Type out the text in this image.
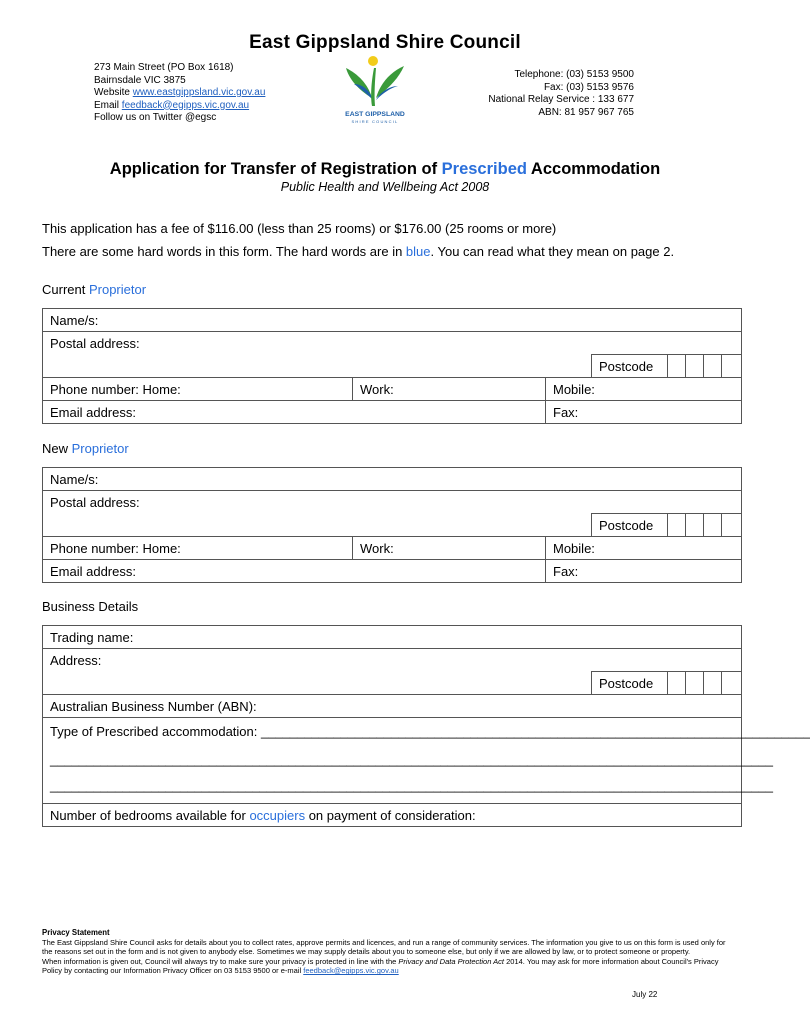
East Gippsland Shire Council
273 Main Street (PO Box 1618)
Bairnsdale VIC 3875
Website www.eastgippsland.vic.gov.au
Email feedback@egipps.vic.gov.au
Follow us on Twitter @egsc	EAST GIPPSLAND
SHIRE COUNCIL
Telephone: (03) 5153 9500
Fax: (03) 5153 9576
National Relay Service : 133 677
ABN: 81 957 967 765
Application for Transfer of Registration of Prescribed Accommodation
Public Health and Wellbeing Act 2008
This application has a fee of $116.00 (less than 25 rooms) or $176.00 (25 rooms or more)
There are some hard words in this form. The hard words are in blue. You can read what they mean on page 2.
Current Proprietor
Name/s:							
Postal address:							
			Postcode				
Phone number: Home:	Work:	Mobile:					
Email address:		Fax:					
New Proprietor
Name/s:							
Postal address:							
			Postcode				
Phone number: Home:	Work:	Mobile:					
Email address:		Fax:					
Business Details
Trading name:
Address:
	Postcode				
Australian Business Number (ABN):

Type of Prescribed accommodation: ____________________________________________________________________________
____________________________________________________________________________________________________
____________________________________________________________________________________________________

Number of bedrooms available for occupiers on payment of consideration:
Privacy Statement
The East Gippsland Shire Council asks for details about you to collect rates, approve permits and licences, and run a range of community services. The information you give to us on this form is used only for the reasons set out in the form and is not given to anybody else. Sometimes we may supply details about you to someone else, but only if we are allowed by law, or to protect someone or property.
When information is given out, Council will always try to make sure your privacy is protected in line with the Privacy and Data Protection Act 2014. You may ask for more information about Council's Privacy Policy by contacting our Information Privacy Officer on 03 5153 9500 or e-mail feedback@egipps.vic.gov.au
July 22
